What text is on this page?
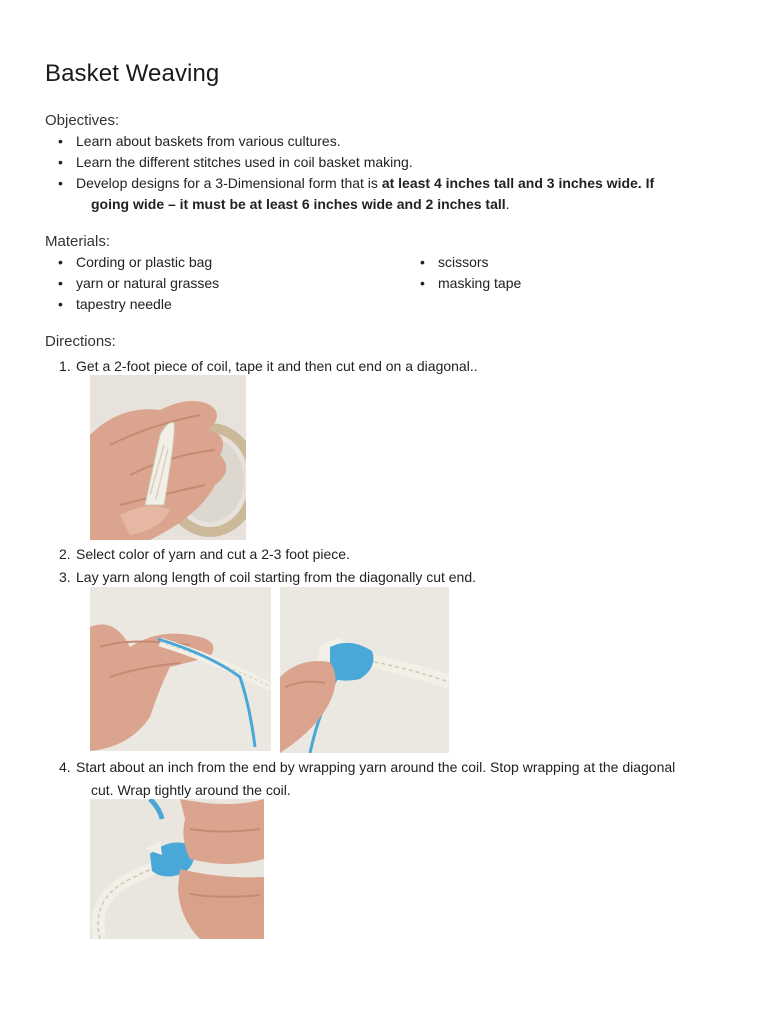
Basket Weaving
Objectives:
• Learn about baskets from various cultures.
• Learn the different stitches used in coil basket making.
• Develop designs for a 3-Dimensional form that is at least 4 inches tall and 3 inches wide. If
going wide – it must be at least 6 inches wide and 2 inches tall.
Materials:
• Cording or plastic bag
• yarn or natural grasses
• tapestry needle
• scissors
• masking tape
Directions:
1. Get a 2-foot piece of coil, tape it and then cut end on a diagonal..
2. Select color of yarn and cut a 2-3 foot piece.
3. Lay yarn along length of coil starting from the diagonally cut end.
4. Start about an inch from the end by wrapping yarn around the coil. Stop wrapping at the diagonal
cut. Wrap tightly around the coil.
